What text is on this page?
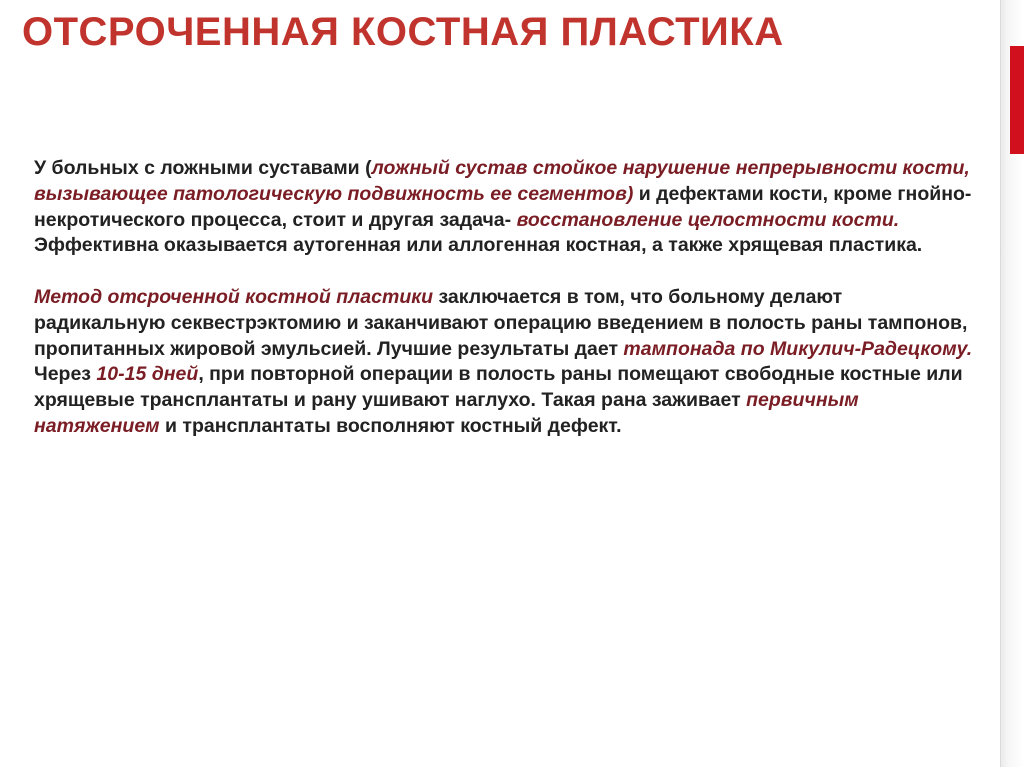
ОТСРОЧЕННАЯ КОСТНАЯ ПЛАСТИКА

У больных с ложными суставами (ложный сустав стойкое нарушение непрерывности кости, вызывающее патологическую подвижность ее сегментов) и дефектами кости, кроме гнойно-некротического процесса, стоит и другая задача- восстановление целостности кости. Эффективна оказывается аутогенная или аллогенная костная, а также хрящевая пластика.

Метод отсроченной костной пластики заключается в том, что больному делают радикальную секвестрэктомию и заканчивают операцию введением в полость раны тампонов, пропитанных жировой эмульсией. Лучшие результаты дает тампонада по Микулич-Радецкому. Через 10-15 дней, при повторной операции в полость раны помещают свободные костные или хрящевые трансплантаты и рану ушивают наглухо. Такая рана заживает первичным натяжением и трансплантаты восполняют костный дефект.
